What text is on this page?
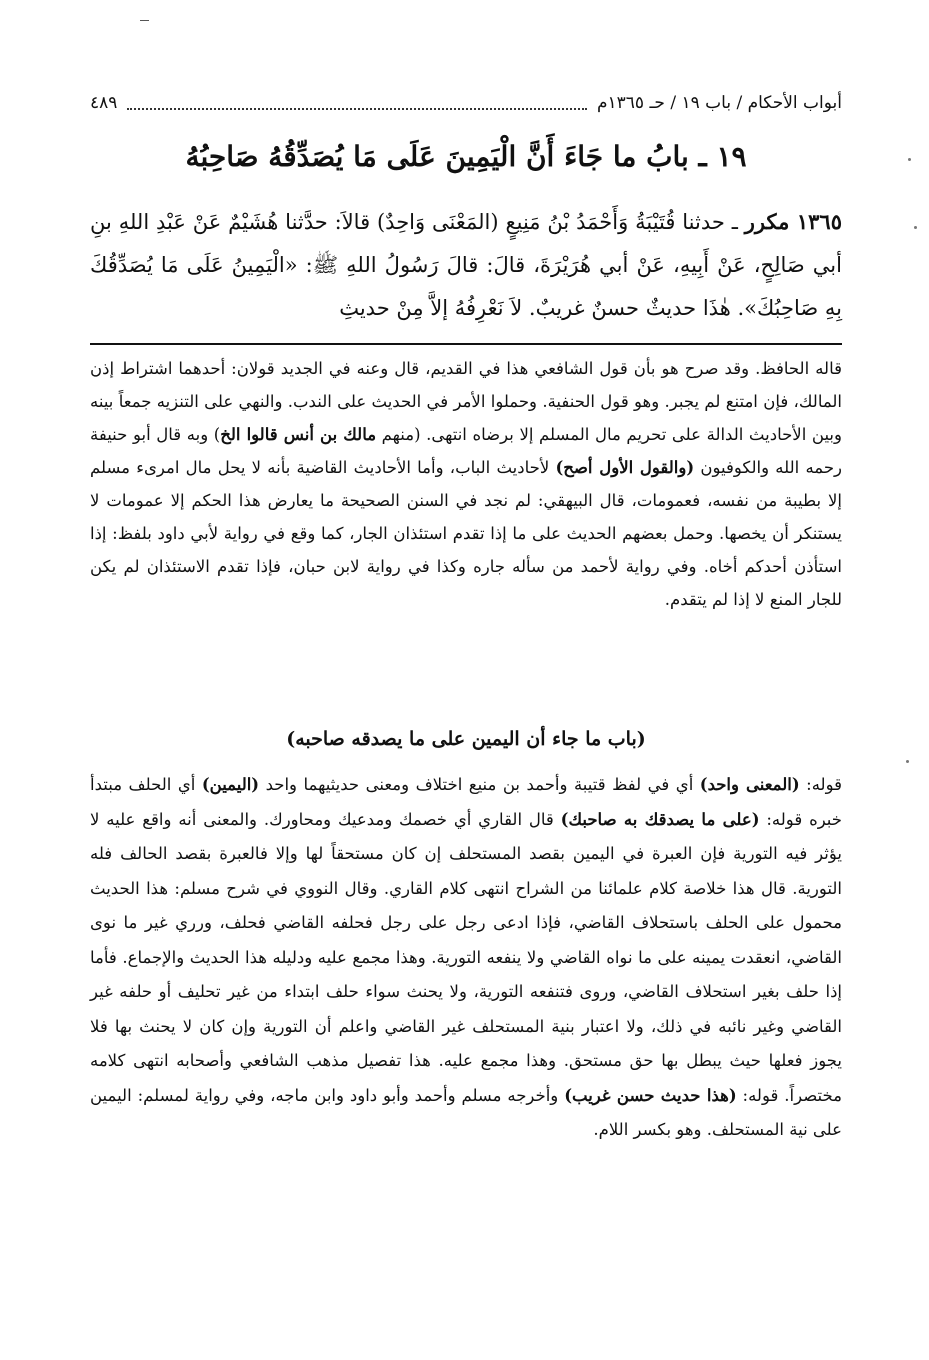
أبواب الأحكام / باب ١٩ / حـ ١٣٦٥م
٤٨٩
١٩ ـ بابُ ما جَاءَ أَنَّ الْيَمِينَ عَلَى مَا يُصَدِّقُهُ صَاحِبُهُ
١٣٦٥ مكرر ـ حدثنا قُتَيْبَةُ وَأَحْمَدُ بْنُ مَنِيعٍ (المَعْنَى وَاحِدٌ) قالاَ: حدَّثنا هُشَيْمٌ عَنْ عَبْدِ اللهِ بنِ أبي صَالِحٍ، عَنْ أَبِيهِ، عَنْ أبي هُرَيْرَةَ، قالَ: قالَ رَسُولُ اللهِ ﷺ: «الْيَمِينُ عَلَى مَا يُصَدِّقُكَ بِهِ صَاحِبُكَ». هٰذَا حديثٌ حسنٌ غريبٌ. لاَ نَعْرِفُهُ إلاَّ مِنْ حديثِ
قاله الحافظ. وقد صرح هو بأن قول الشافعي هذا في القديم، قال وعنه في الجديد قولان: أحدهما اشتراط إذن المالك، فإن امتنع لم يجبر. وهو قول الحنفية. وحملوا الأمر في الحديث على الندب. والنهي على التنزيه جمعاً بينه وبين الأحاديث الدالة على تحريم مال المسلم إلا برضاه انتهى. (منهم مالك بن أنس قالوا الخ) وبه قال أبو حنيفة رحمه الله والكوفيون (والقول الأول أصح) لأحاديث الباب، وأما الأحاديث القاضية بأنه لا يحل مال امرىء مسلم إلا بطيبة من نفسه، فعمومات، قال البيهقي: لم نجد في السنن الصحيحة ما يعارض هذا الحكم إلا عمومات لا يستنكر أن يخصها. وحمل بعضهم الحديث على ما إذا تقدم استئذان الجار، كما وقع في رواية لأبي داود بلفظ: إذا استأذن أحدكم أخاه. وفي رواية لأحمد من سأله جاره وكذا في رواية لابن حبان، فإذا تقدم الاستئذان لم يكن للجار المنع لا إذا لم يتقدم.
(باب ما جاء أن اليمين على ما يصدقه صاحبه)
قوله: (المعنى واحد) أي في لفظ قتيبة وأحمد بن منيع اختلاف ومعنى حديثيهما واحد (اليمين) أي الحلف مبتدأ خبره قوله: (على ما يصدقك به صاحبك) قال القاري أي خصمك ومدعيك ومحاورك. والمعنى أنه واقع عليه لا يؤثر فيه التورية فإن العبرة في اليمين بقصد المستحلف إن كان مستحقاً لها وإلا فالعبرة بقصد الحالف فله التورية. قال هذا خلاصة كلام علمائنا من الشراح انتهى كلام القاري. وقال النووي في شرح مسلم: هذا الحديث محمول على الحلف باستحلاف القاضي، فإذا ادعى رجل على رجل فحلفه القاضي فحلف، ورري غير ما نوى القاضي، انعقدت يمينه على ما نواه القاضي ولا ينفعه التورية. وهذا مجمع عليه ودليله هذا الحديث والإجماع. فأما إذا حلف بغير استحلاف القاضي، وروى فتنفعه التورية، ولا يحنث سواء حلف ابتداء من غير تحليف أو حلفه غير القاضي وغير نائبه في ذلك، ولا اعتبار بنية المستحلف غير القاضي واعلم أن التورية وإن كان لا يحنث بها فلا يجوز فعلها حيث يبطل بها حق مستحق. وهذا مجمع عليه. هذا تفصيل مذهب الشافعي وأصحابه انتهى كلامه مختصراً. قوله: (هذا حديث حسن غريب) وأخرجه مسلم وأحمد وأبو داود وابن ماجه، وفي رواية لمسلم: اليمين على نية المستحلف. وهو بكسر اللام.
